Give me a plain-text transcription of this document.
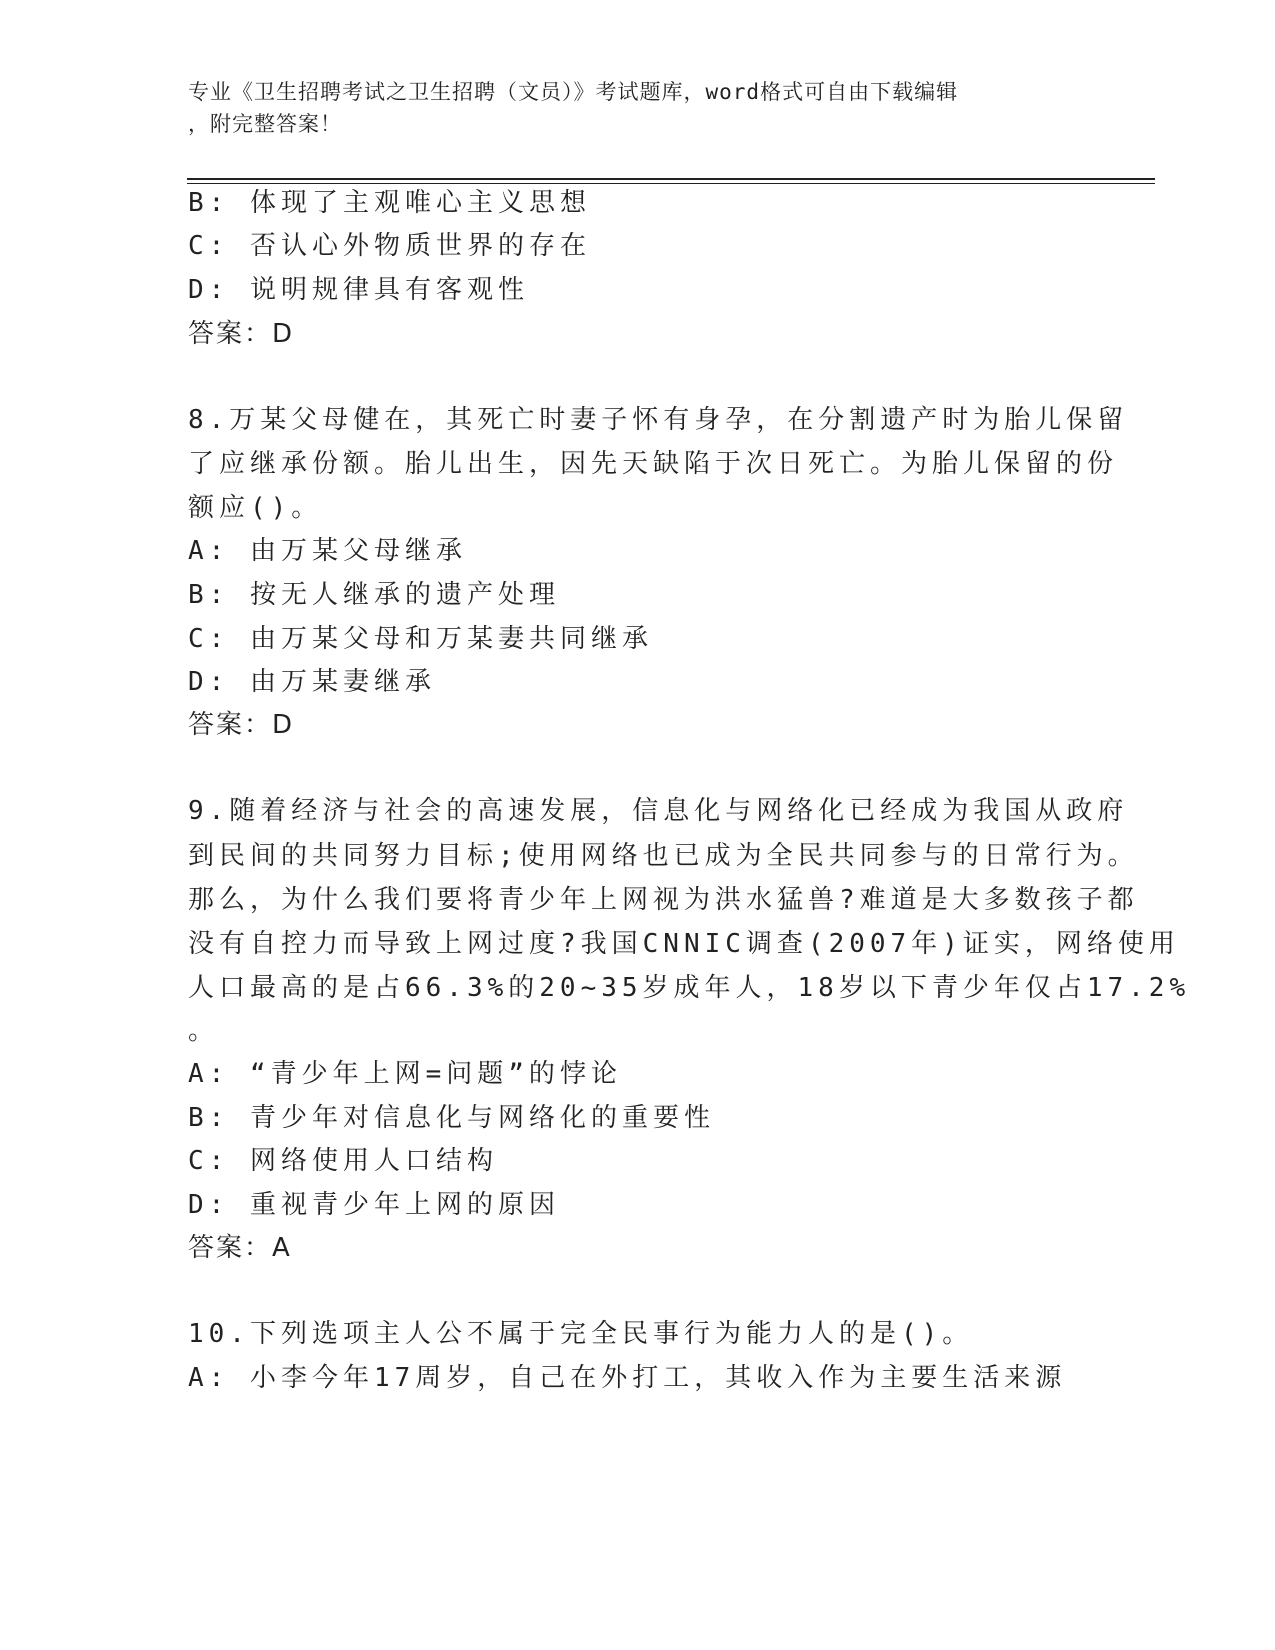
专业《卫生招聘考试之卫生招聘（文员）》考试题库，word格式可自由下载编辑
，附完整答案！
B: 体现了主观唯心主义思想
C: 否认心外物质世界的存在
D: 说明规律具有客观性
答案：D
8.万某父母健在，其死亡时妻子怀有身孕，在分割遗产时为胎儿保留
了应继承份额。胎儿出生，因先天缺陷于次日死亡。为胎儿保留的份
额应()。
A: 由万某父母继承
B: 按无人继承的遗产处理
C: 由万某父母和万某妻共同继承
D: 由万某妻继承
答案：D
9.随着经济与社会的高速发展，信息化与网络化已经成为我国从政府
到民间的共同努力目标;使用网络也已成为全民共同参与的日常行为。
那么，为什么我们要将青少年上网视为洪水猛兽?难道是大多数孩子都
没有自控力而导致上网过度?我国CNNIC调查(2007年)证实，网络使用
人口最高的是占66.3%的20~35岁成年人，18岁以下青少年仅占17.2%
。
A: “青少年上网=问题”的悖论
B: 青少年对信息化与网络化的重要性
C: 网络使用人口结构
D: 重视青少年上网的原因
答案：A
10.下列选项主人公不属于完全民事行为能力人的是()。
A: 小李今年17周岁，自己在外打工，其收入作为主要生活来源
